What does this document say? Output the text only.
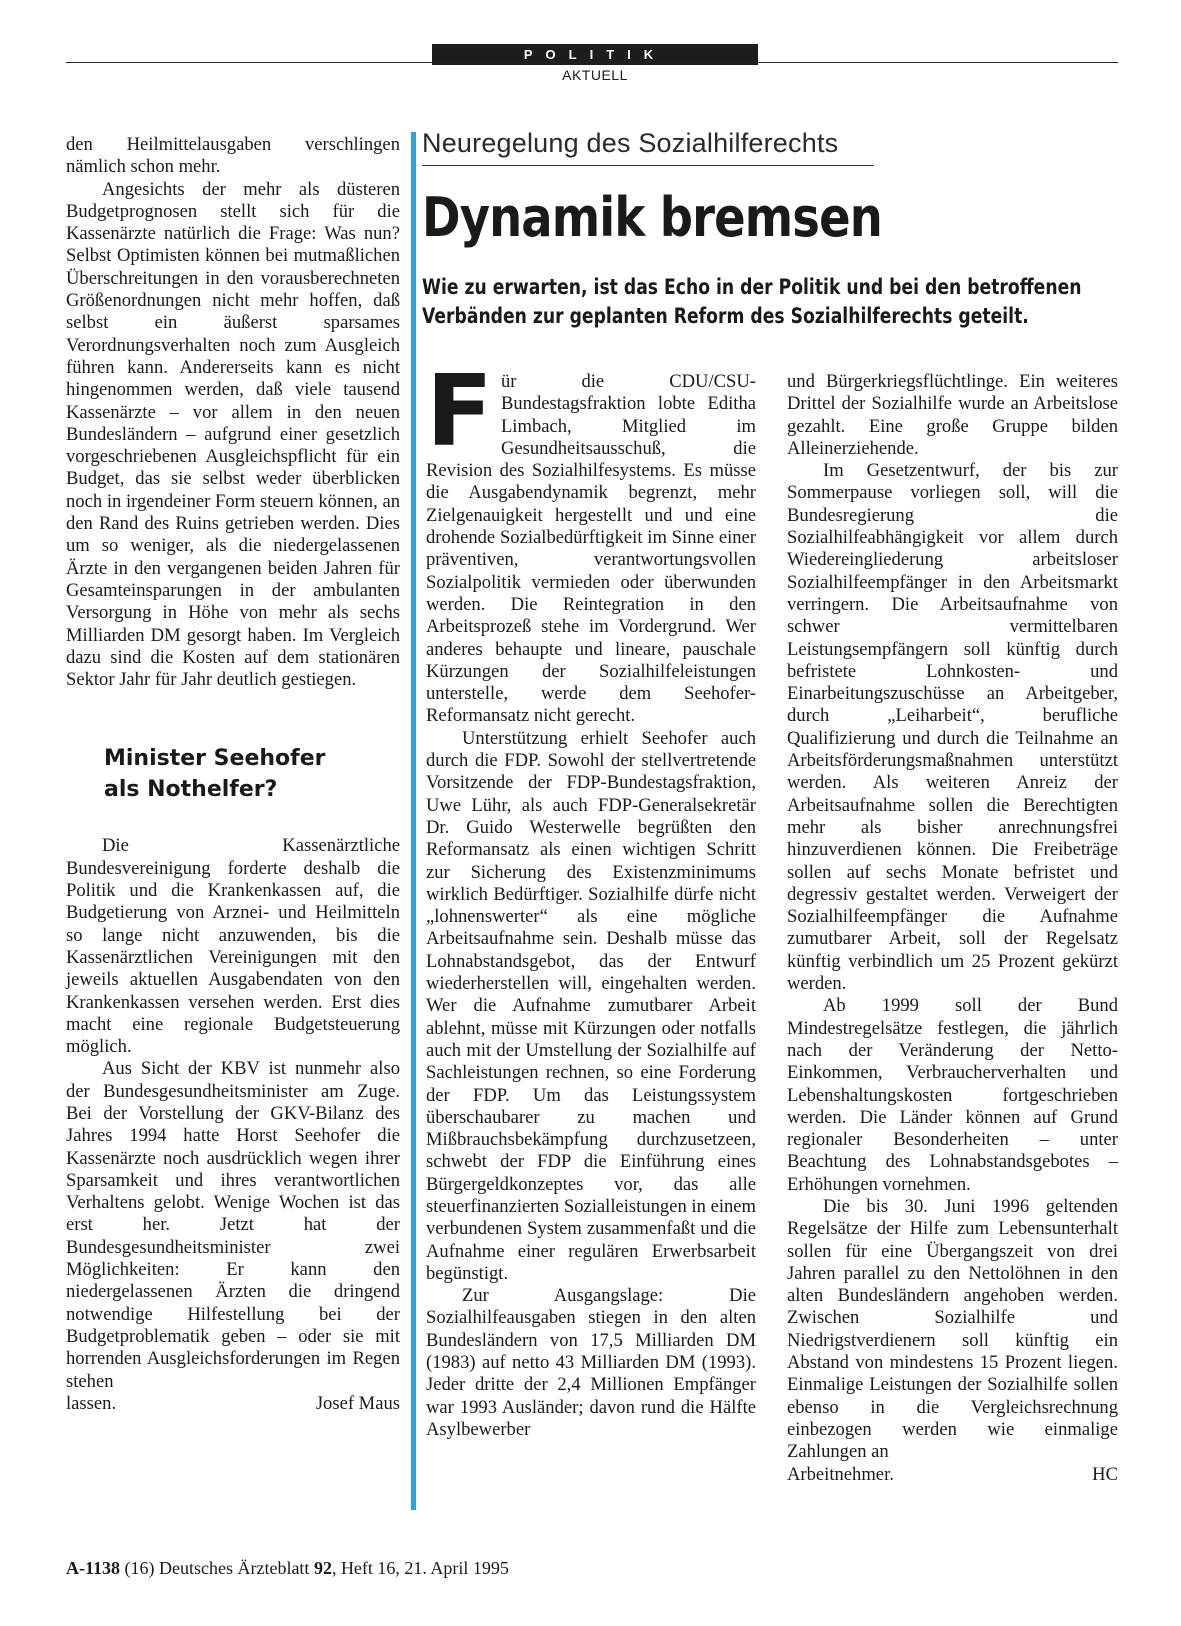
POLITIK
AKTUELL

den Heilmittelausgaben verschlingen nämlich schon mehr.

Angesichts der mehr als düsteren Budgetprognosen stellt sich für die Kassenärzte natürlich die Frage: Was nun? Selbst Optimisten können bei mutmaßlichen Überschreitungen in den vorausberechneten Größenordnungen nicht mehr hoffen, daß selbst ein äußerst sparsames Verordnungsverhalten noch zum Ausgleich führen kann. Andererseits kann es nicht hingenommen werden, daß viele tausend Kassenärzte – vor allem in den neuen Bundesländern – aufgrund einer gesetzlich vorgeschriebenen Ausgleichspflicht für ein Budget, das sie selbst weder überblicken noch in irgendeiner Form steuern können, an den Rand des Ruins getrieben werden. Dies um so weniger, als die niedergelassenen Ärzte in den vergangenen beiden Jahren für Gesamteinsparungen in der ambulanten Versorgung in Höhe von mehr als sechs Milliarden DM gesorgt haben. Im Vergleich dazu sind die Kosten auf dem stationären Sektor Jahr für Jahr deutlich gestiegen.

Minister Seehofer
als Nothelfer?

Die Kassenärztliche Bundesvereinigung forderte deshalb die Politik und die Krankenkassen auf, die Budgetierung von Arznei- und Heilmitteln so lange nicht anzuwenden, bis die Kassenärztlichen Vereinigungen mit den jeweils aktuellen Ausgabendaten von den Krankenkassen versehen werden. Erst dies macht eine regionale Budgetsteuerung möglich.

Aus Sicht der KBV ist nunmehr also der Bundesgesundheitsminister am Zuge. Bei der Vorstellung der GKV-Bilanz des Jahres 1994 hatte Horst Seehofer die Kassenärzte noch ausdrücklich wegen ihrer Sparsamkeit und ihres verantwortlichen Verhaltens gelobt. Wenige Wochen ist das erst her. Jetzt hat der Bundesgesundheitsminister zwei Möglichkeiten: Er kann den niedergelassenen Ärzten die dringend notwendige Hilfestellung bei der Budgetproblematik geben – oder sie mit horrenden Ausgleichsforderungen im Regen stehen

lassen.	Josef Maus
Neuregelung des Sozialhilferechts
Dynamik bremsen
Wie zu erwarten, ist das Echo in der Politik und bei den betroffenen Verbänden zur geplanten Reform des Sozialhilferechts geteilt.

Für die CDU/CSU-Bundestagsfraktion lobte Editha Limbach, Mitglied im Gesundheitsausschuß, die Revision des Sozialhilfesystems. Es müsse die Ausgabendynamik begrenzt, mehr Zielgenauigkeit hergestellt und und eine drohende Sozialbedürftigkeit im Sinne einer präventiven, verantwortungsvollen Sozialpolitik vermieden oder überwunden werden. Die Reintegration in den Arbeitsprozeß stehe im Vordergrund. Wer anderes behaupte und lineare, pauschale Kürzungen der Sozialhilfeleistungen unterstelle, werde dem Seehofer-Reformansatz nicht gerecht.

Unterstützung erhielt Seehofer auch durch die FDP. Sowohl der stellvertretende Vorsitzende der FDP-Bundestagsfraktion, Uwe Lühr, als auch FDP-Generalsekretär Dr. Guido Westerwelle begrüßten den Reformansatz als einen wichtigen Schritt zur Sicherung des Existenzminimums wirklich Bedürftiger. Sozialhilfe dürfe nicht „lohnenswerter“ als eine mögliche Arbeitsaufnahme sein. Deshalb müsse das Lohnabstandsgebot, das der Entwurf wiederherstellen will, eingehalten werden. Wer die Aufnahme zumutbarer Arbeit ablehnt, müsse mit Kürzungen oder notfalls auch mit der Umstellung der Sozialhilfe auf Sachleistungen rechnen, so eine Forderung der FDP. Um das Leistungssystem überschaubarer zu machen und Mißbrauchsbekämpfung durchzusetzeen, schwebt der FDP die Einführung eines Bürgergeldkonzeptes vor, das alle steuerfinanzierten Sozialleistungen in einem verbundenen System zusammenfaßt und die Aufnahme einer regulären Erwerbsarbeit begünstigt.

Zur Ausgangslage: Die Sozialhilfeausgaben stiegen in den alten Bundesländern von 17,5 Milliarden DM (1983) auf netto 43 Milliarden DM (1993). Jeder dritte der 2,4 Millionen Empfänger war 1993 Ausländer; davon rund die Hälfte Asylbewerber

und Bürgerkriegsflüchtlinge. Ein weiteres Drittel der Sozialhilfe wurde an Arbeitslose gezahlt. Eine große Gruppe bilden Alleinerziehende.

Im Gesetzentwurf, der bis zur Sommerpause vorliegen soll, will die Bundesregierung die Sozialhilfeabhängigkeit vor allem durch Wiedereingliederung arbeitsloser Sozialhilfeempfänger in den Arbeitsmarkt verringern. Die Arbeitsaufnahme von schwer vermittelbaren Leistungsempfängern soll künftig durch befristete Lohnkosten- und Einarbeitungszuschüsse an Arbeitgeber, durch „Leiharbeit“, berufliche Qualifizierung und durch die Teilnahme an Arbeitsförderungsmaßnahmen unterstützt werden. Als weiteren Anreiz der Arbeitsaufnahme sollen die Berechtigten mehr als bisher anrechnungsfrei hinzuverdienen können. Die Freibeträge sollen auf sechs Monate befristet und degressiv gestaltet werden. Verweigert der Sozialhilfeempfänger die Aufnahme zumutbarer Arbeit, soll der Regelsatz künftig verbindlich um 25 Prozent gekürzt werden.

Ab 1999 soll der Bund Mindestregelsätze festlegen, die jährlich nach der Veränderung der Netto-Einkommen, Verbraucherverhalten und Lebenshaltungskosten fortgeschrieben werden. Die Länder können auf Grund regionaler Besonderheiten – unter Beachtung des Lohnabstandsgebotes – Erhöhungen vornehmen.

Die bis 30. Juni 1996 geltenden Regelsätze der Hilfe zum Lebensunterhalt sollen für eine Übergangszeit von drei Jahren parallel zu den Nettolöhnen in den alten Bundesländern angehoben werden. Zwischen Sozialhilfe und Niedrigstverdienern soll künftig ein Abstand von mindestens 15 Prozent liegen. Einmalige Leistungen der Sozialhilfe sollen ebenso in die Vergleichsrechnung einbezogen werden wie einmalige Zahlungen an

Arbeitnehmer.	HC
A-1138 (16) Deutsches Ärzteblatt 92, Heft 16, 21. April 1995
